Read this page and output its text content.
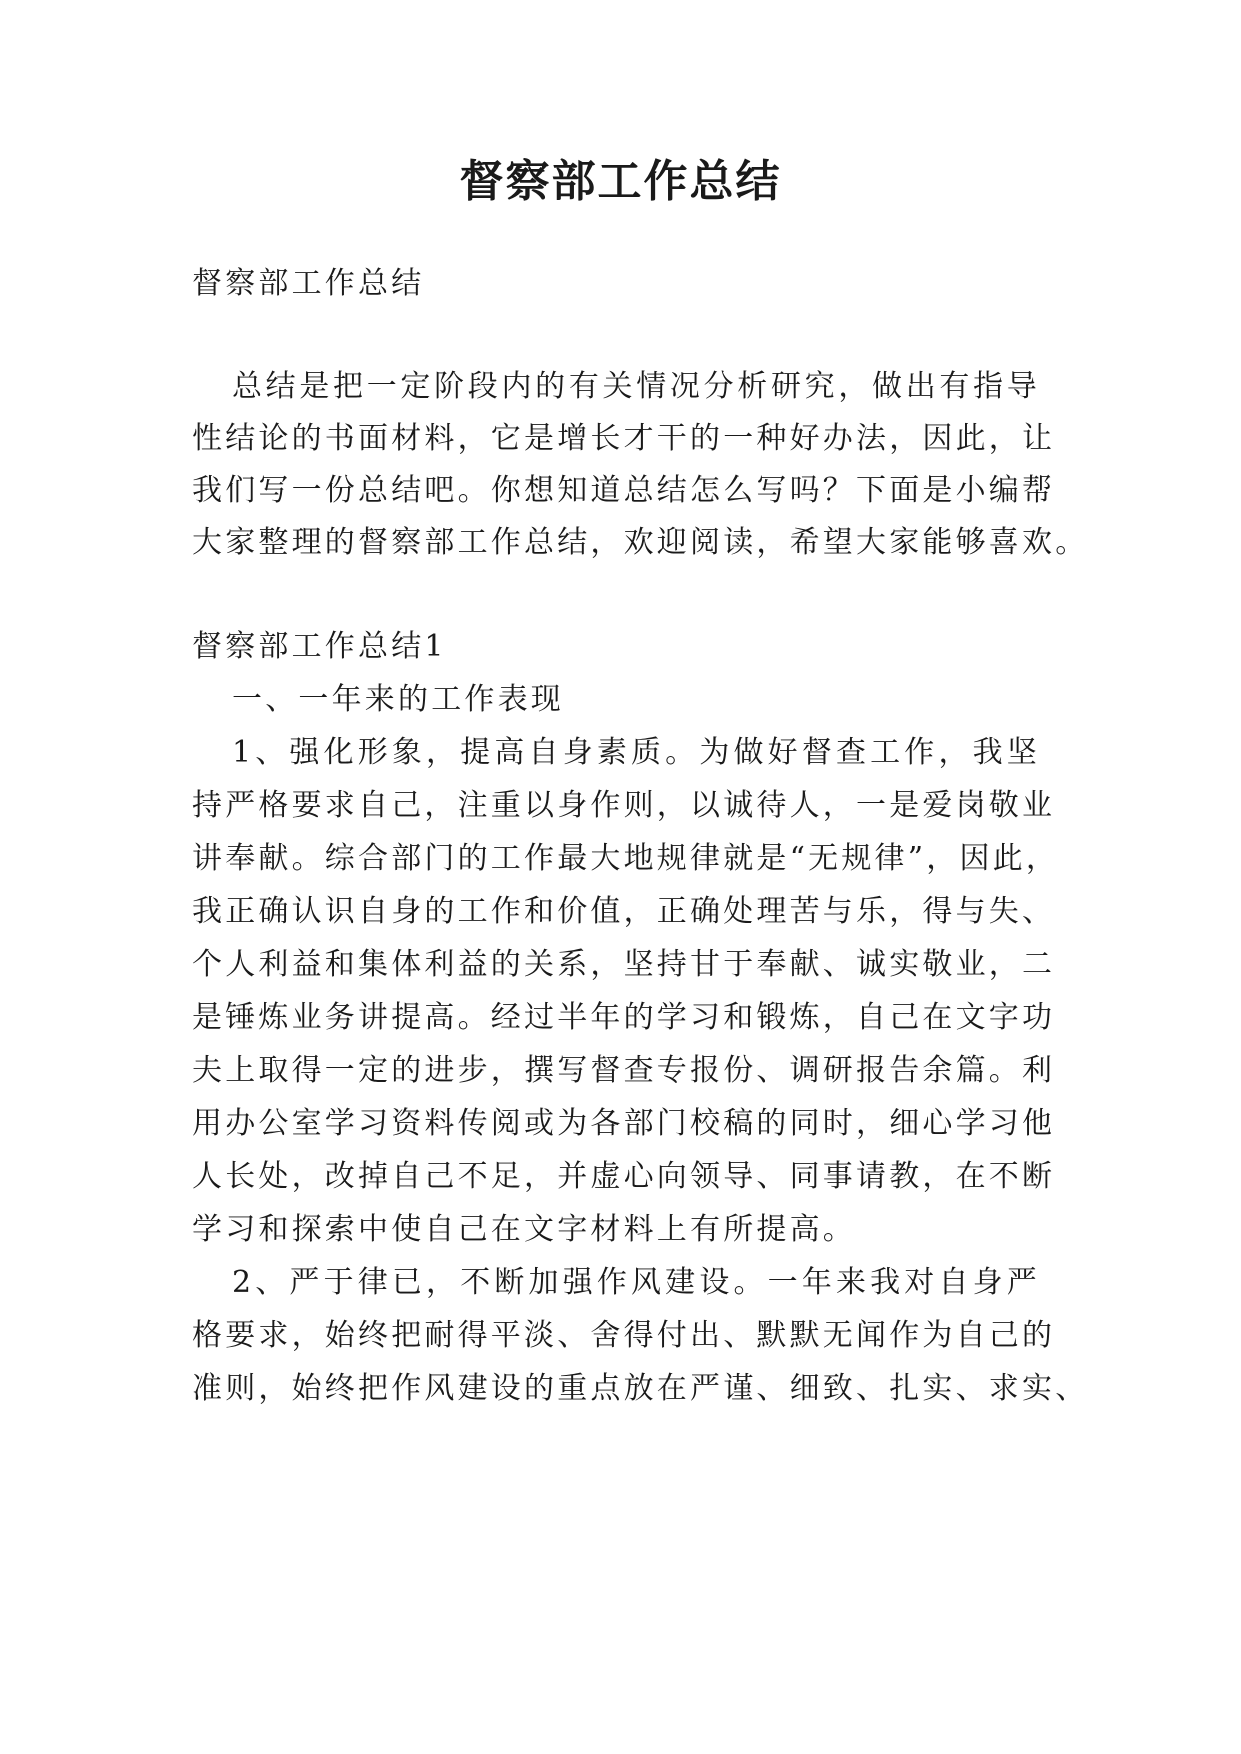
督察部工作总结

督察部工作总结

总结是把一定阶段内的有关情况分析研究，做出有指导

性结论的书面材料，它是增长才干的一种好办法，因此，让

我们写一份总结吧。你想知道总结怎么写吗？下面是小编帮

大家整理的督察部工作总结，欢迎阅读，希望大家能够喜欢。

督察部工作总结1

一、一年来的工作表现

1、强化形象，提高自身素质。为做好督查工作，我坚

持严格要求自己，注重以身作则，以诚待人，一是爱岗敬业

讲奉献。综合部门的工作最大地规律就是“无规律”，因此，

我正确认识自身的工作和价值，正确处理苦与乐，得与失、

个人利益和集体利益的关系，坚持甘于奉献、诚实敬业，二

是锤炼业务讲提高。经过半年的学习和锻炼，自己在文字功

夫上取得一定的进步，撰写督查专报份、调研报告余篇。利

用办公室学习资料传阅或为各部门校稿的同时，细心学习他

人长处，改掉自己不足，并虚心向领导、同事请教，在不断

学习和探索中使自己在文字材料上有所提高。

2、严于律已，不断加强作风建设。一年来我对自身严

格要求，始终把耐得平淡、舍得付出、默默无闻作为自己的

准则，始终把作风建设的重点放在严谨、细致、扎实、求实、
